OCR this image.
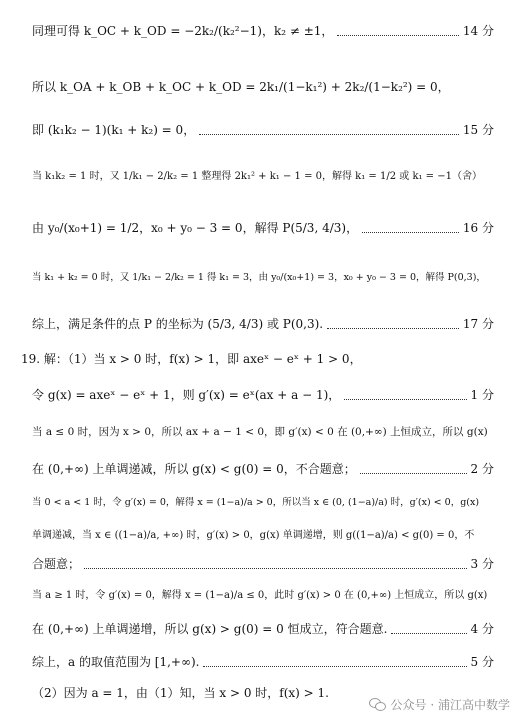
同理可得 k_OC + k_OD = −2k₂/(k₂²−1)，k₂ ≠ ±1，	14 分
所以 k_OA + k_OB + k_OC + k_OD = 2k₁/(1−k₁²) + 2k₂/(1−k₂²) = 0，
即 (k₁k₂ − 1)(k₁ + k₂) = 0，	15 分
当 k₁k₂ = 1 时，又 1/k₁ − 2/k₂ = 1 整理得 2k₁² + k₁ − 1 = 0，解得 k₁ = 1/2 或 k₁ = −1（舍）
由 y₀/(x₀+1) = 1/2，x₀ + y₀ − 3 = 0，解得 P(5/3, 4/3)，	16 分
当 k₁ + k₂ = 0 时，又 1/k₁ − 2/k₂ = 1 得 k₁ = 3，由 y₀/(x₀+1) = 3，x₀ + y₀ − 3 = 0，解得 P(0,3)，
综上，满足条件的点 P 的坐标为 (5/3, 4/3) 或 P(0,3).	17 分
19. 解：（1）当 x > 0 时，f(x) > 1，即 axeˣ − eˣ + 1 > 0，
令 g(x) = axeˣ − eˣ + 1，则 g′(x) = eˣ(ax + a − 1)，	1 分
当 a ≤ 0 时，因为 x > 0，所以 ax + a − 1 < 0，即 g′(x) < 0 在 (0,+∞) 上恒成立，所以 g(x)
在 (0,+∞) 上单调递减，所以 g(x) < g(0) = 0，不合题意；	2 分
当 0 < a < 1 时，令 g′(x) = 0，解得 x = (1−a)/a > 0，所以当 x ∈ (0, (1−a)/a) 时，g′(x) < 0，g(x)
单调递减，当 x ∈ ((1−a)/a, +∞) 时，g′(x) > 0，g(x) 单调递增，则 g((1−a)/a) < g(0) = 0，不
合题意；	3 分
当 a ≥ 1 时，令 g′(x) = 0，解得 x = (1−a)/a ≤ 0，此时 g′(x) > 0 在 (0,+∞) 上恒成立，所以 g(x)
在 (0,+∞) 上单调递增，所以 g(x) > g(0) = 0 恒成立，符合题意.	4 分
综上，a 的取值范围为 [1,+∞).	5 分
（2）因为 a = 1，由（1）知，当 x > 0 时，f(x) > 1.
公众号 · 浦江高中数学
